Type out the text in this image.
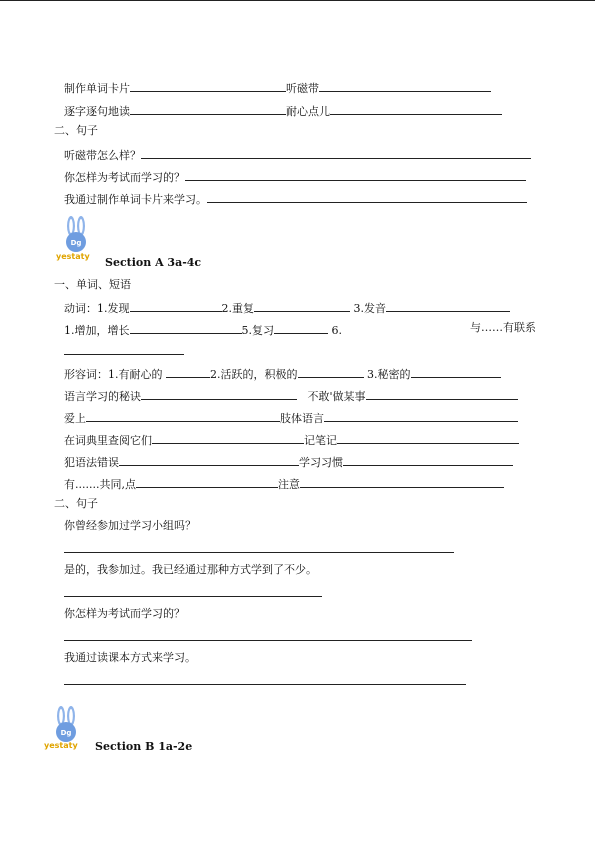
制作单词卡片	听磁带
逐字逐句地读	耐心点儿
二、句子
听磁带怎么样？
你怎样为考试而学习的？
我通过制作单词卡片来学习。
Dg
yestaty Section A 3a-4c
一、单词、短语
动词：1.发现	2.重复	3.发音
1.增加，增长	5.复习	6.	与……有联系
形容词：1.有耐心的	2.活跃的，积极的	3.秘密的
语言学习的秘诀	不敢'做某事
爱上	肢体语言
在词典里查阅它们	记笔记
犯语法错误	学习习惯
有.......共同,点	注意
二、句子
你曾经参加过学习小组吗？
是的，我参加过。我已经通过那种方式学到了不少。
你怎样为考试而学习的？
我通过读课本方式来学习。
Dg
yestaty Section B 1a-2e
